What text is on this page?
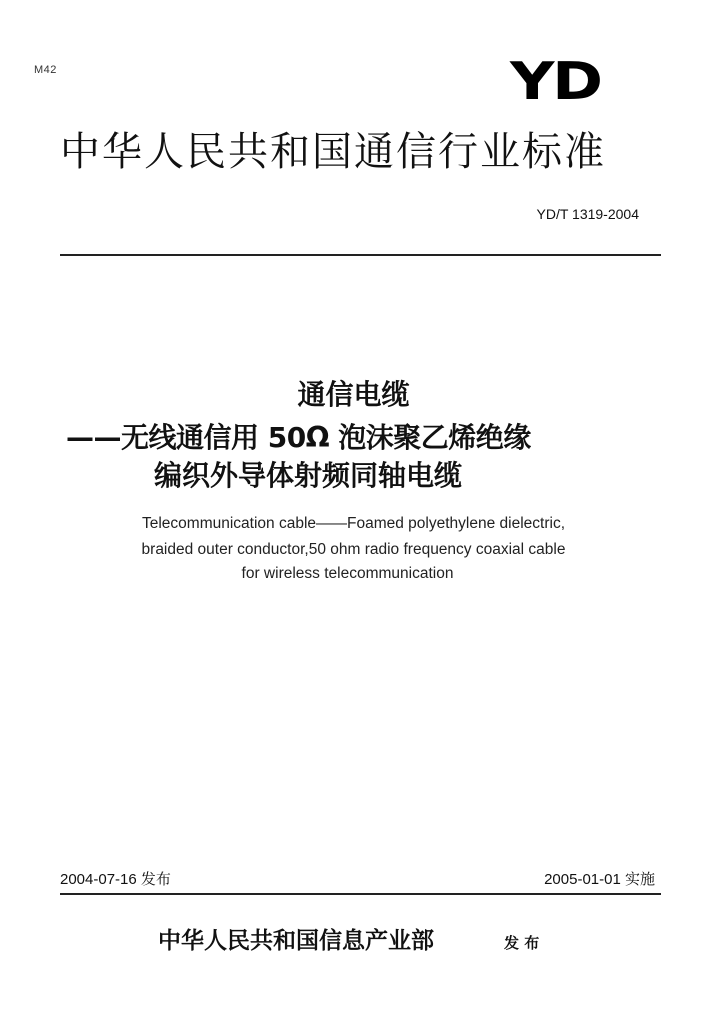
M42	YD
中华人民共和国通信行业标准
YD/T 1319-2004
通信电缆
——无线通信用 50Ω 泡沫聚乙烯绝缘
编织外导体射频同轴电缆
Telecommunication cable——Foamed polyethylene dielectric,
braided outer conductor,50 ohm radio frequency coaxial cable
for wireless telecommunication
2004-07-16 发布	2005-01-01 实施
中华人民共和国信息产业部	发 布
